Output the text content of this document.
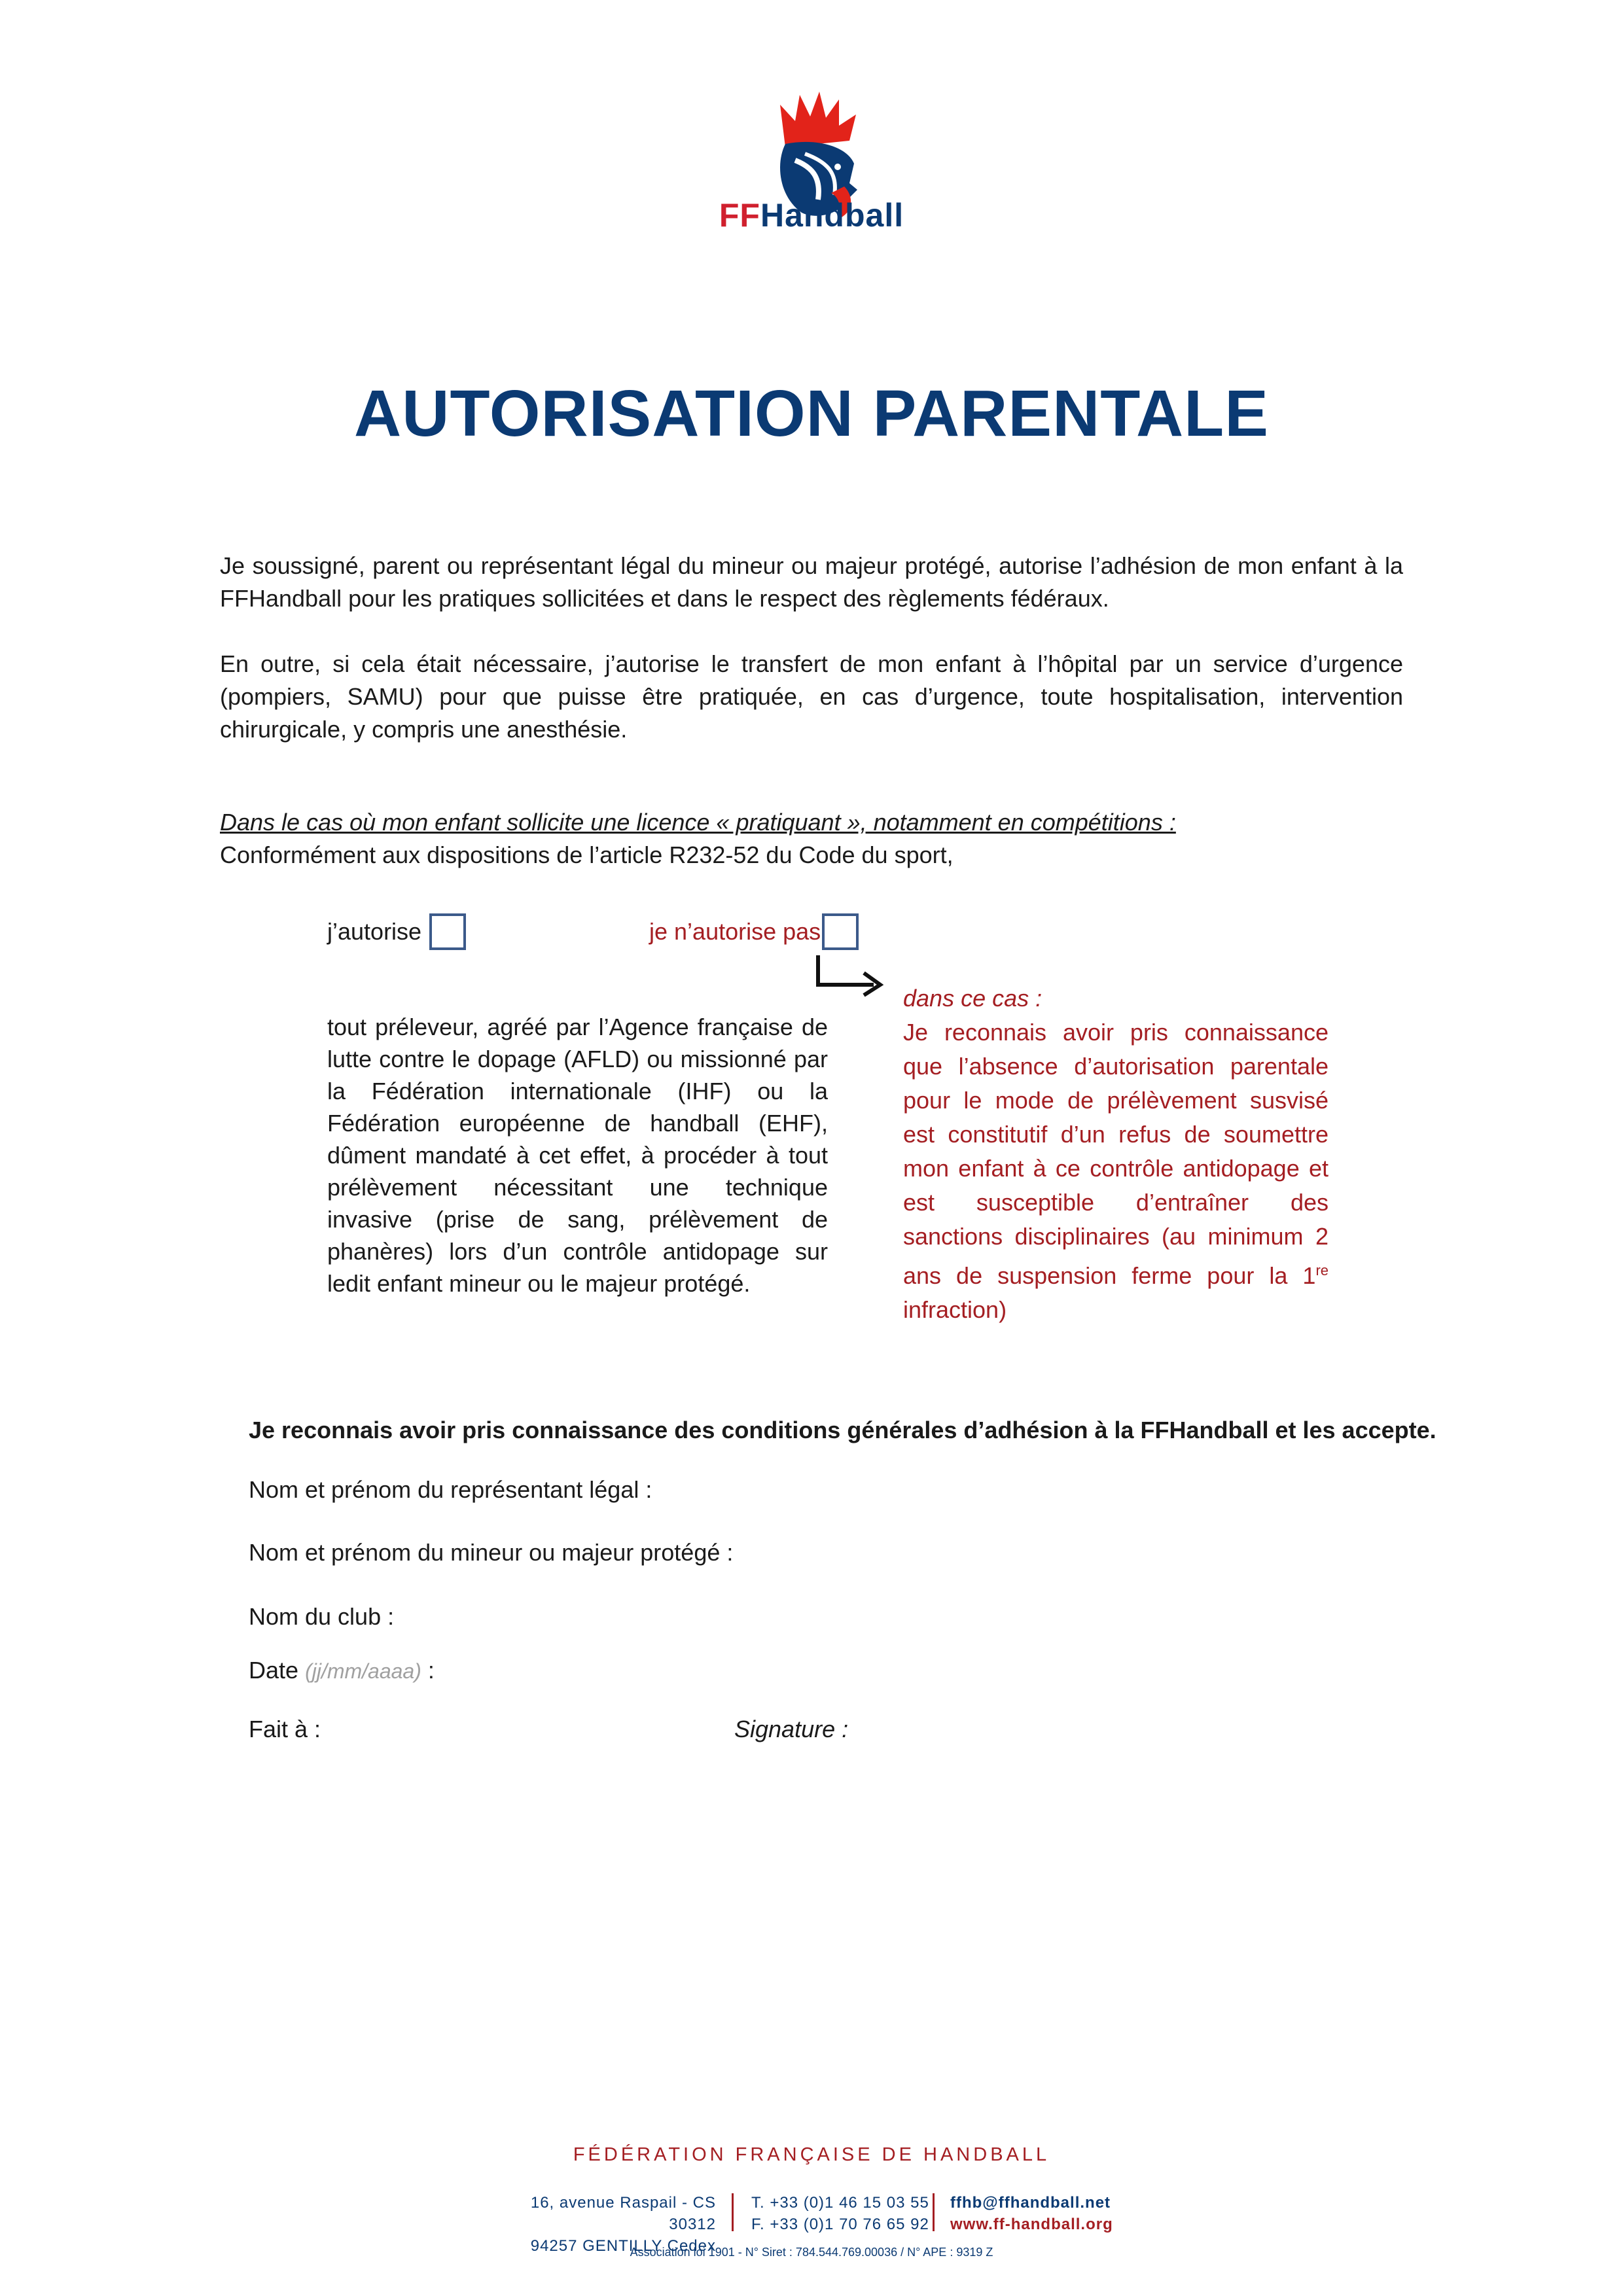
FFHandball
AUTORISATION PARENTALE
Je soussigné, parent ou représentant légal du mineur ou majeur protégé, autorise l’adhésion de mon enfant à la FFHandball pour les pratiques sollicitées et dans le respect des règlements fédéraux.
En outre, si cela était nécessaire, j’autorise le transfert de mon enfant à l’hôpital par un service d’urgence (pompiers, SAMU) pour que puisse être pratiquée, en cas d’urgence, toute hospitalisation, intervention chirurgicale, y compris une anesthésie.
Dans le cas où mon enfant sollicite une licence « pratiquant », notamment en compétitions :
Conformément aux dispositions de l’article R232-52 du Code du sport,
j’autorise	je n’autorise pas
tout préleveur, agréé par l’Agence française de lutte contre le dopage (AFLD) ou missionné par la Fédération internationale (IHF) ou la Fédération européenne de handball (EHF), dûment mandaté à cet effet, à procéder à tout prélèvement nécessitant une technique invasive (prise de sang, prélèvement de phanères) lors d’un contrôle antidopage sur ledit enfant mineur ou le majeur protégé.
dans ce cas :
Je reconnais avoir pris connaissance que l’absence d’autorisation parentale pour le mode de prélèvement susvisé est constitutif d’un refus de soumettre mon enfant à ce contrôle antidopage et est susceptible d’entraîner des sanctions disciplinaires (au minimum 2 ans de suspension ferme pour la 1re infraction)
Je reconnais avoir pris connaissance des conditions générales d’adhésion à la FFHandball et les accepte.
Nom et prénom du représentant légal :
Nom et prénom du mineur ou majeur protégé :
Nom du club :
Date (jj/mm/aaaa) :
Fait à :	Signature :
FÉDÉRATION FRANÇAISE DE HANDBALL
16, avenue Raspail - CS 30312
94257 GENTILLY Cedex
T. +33 (0)1 46 15 03 55
F. +33 (0)1 70 76 65 92
ffhb@ffhandball.net
www.ff-handball.org
Association loi 1901 - N° Siret : 784.544.769.00036 / N° APE : 9319 Z
